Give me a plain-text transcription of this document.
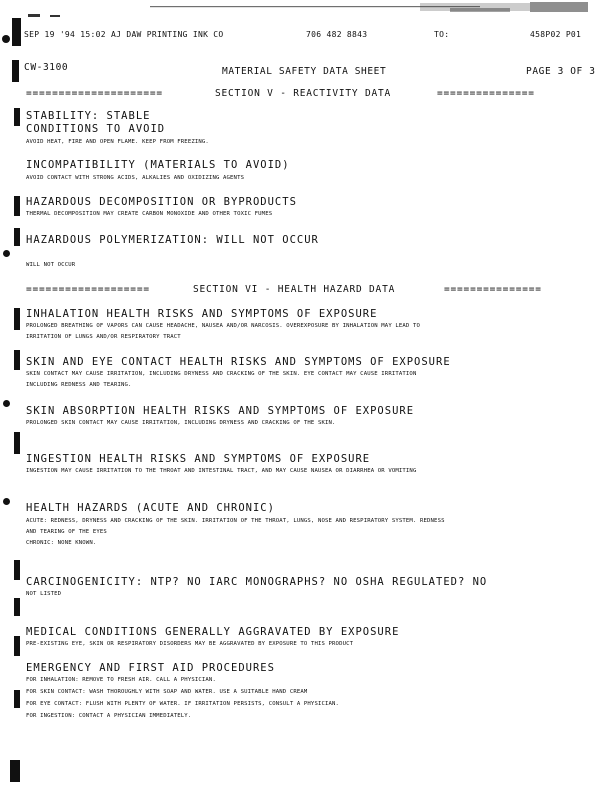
SEP 19 '94 15:02 AJ DAW PRINTING INK CO	706 482 8843	TO:	458P02 P01
CW-3100	MATERIAL SAFETY DATA SHEET	PAGE 3 OF 3
=====================	SECTION V - REACTIVITY DATA	===============
STABILITY: STABLE
CONDITIONS TO AVOID
AVOID HEAT, FIRE AND OPEN FLAME. KEEP FROM FREEZING.
INCOMPATIBILITY (MATERIALS TO AVOID)
AVOID CONTACT WITH STRONG ACIDS, ALKALIES AND OXIDIZING AGENTS
HAZARDOUS DECOMPOSITION OR BYPRODUCTS
THERMAL DECOMPOSITION MAY CREATE CARBON MONOXIDE AND OTHER TOXIC FUMES
HAZARDOUS POLYMERIZATION: WILL NOT OCCUR
WILL NOT OCCUR
===================	SECTION VI - HEALTH HAZARD DATA	===============
INHALATION HEALTH RISKS AND SYMPTOMS OF EXPOSURE
PROLONGED BREATHING OF VAPORS CAN CAUSE HEADACHE, NAUSEA AND/OR NARCOSIS. OVEREXPOSURE BY INHALATION MAY LEAD TO
IRRITATION OF LUNGS AND/OR RESPIRATORY TRACT
SKIN AND EYE CONTACT HEALTH RISKS AND SYMPTOMS OF EXPOSURE
SKIN CONTACT MAY CAUSE IRRITATION, INCLUDING DRYNESS AND CRACKING OF THE SKIN. EYE CONTACT MAY CAUSE IRRITATION
INCLUDING REDNESS AND TEARING.
SKIN ABSORPTION HEALTH RISKS AND SYMPTOMS OF EXPOSURE
PROLONGED SKIN CONTACT MAY CAUSE IRRITATION, INCLUDING DRYNESS AND CRACKING OF THE SKIN.
INGESTION HEALTH RISKS AND SYMPTOMS OF EXPOSURE
INGESTION MAY CAUSE IRRITATION TO THE THROAT AND INTESTINAL TRACT, AND MAY CAUSE NAUSEA OR DIARRHEA OR VOMITING
HEALTH HAZARDS (ACUTE AND CHRONIC)
ACUTE: REDNESS, DRYNESS AND CRACKING OF THE SKIN. IRRITATION OF THE THROAT, LUNGS, NOSE AND RESPIRATORY SYSTEM. REDNESS
AND TEARING OF THE EYES
CHRONIC: NONE KNOWN.
CARCINOGENICITY: NTP? NO IARC MONOGRAPHS? NO OSHA REGULATED? NO
NOT LISTED
MEDICAL CONDITIONS GENERALLY AGGRAVATED BY EXPOSURE
PRE-EXISTING EYE, SKIN OR RESPIRATORY DISORDERS MAY BE AGGRAVATED BY EXPOSURE TO THIS PRODUCT
EMERGENCY AND FIRST AID PROCEDURES
FOR INHALATION: REMOVE TO FRESH AIR. CALL A PHYSICIAN.
FOR SKIN CONTACT: WASH THOROUGHLY WITH SOAP AND WATER. USE A SUITABLE HAND CREAM
FOR EYE CONTACT: FLUSH WITH PLENTY OF WATER. IF IRRITATION PERSISTS, CONSULT A PHYSICIAN.
FOR INGESTION: CONTACT A PHYSICIAN IMMEDIATELY.
